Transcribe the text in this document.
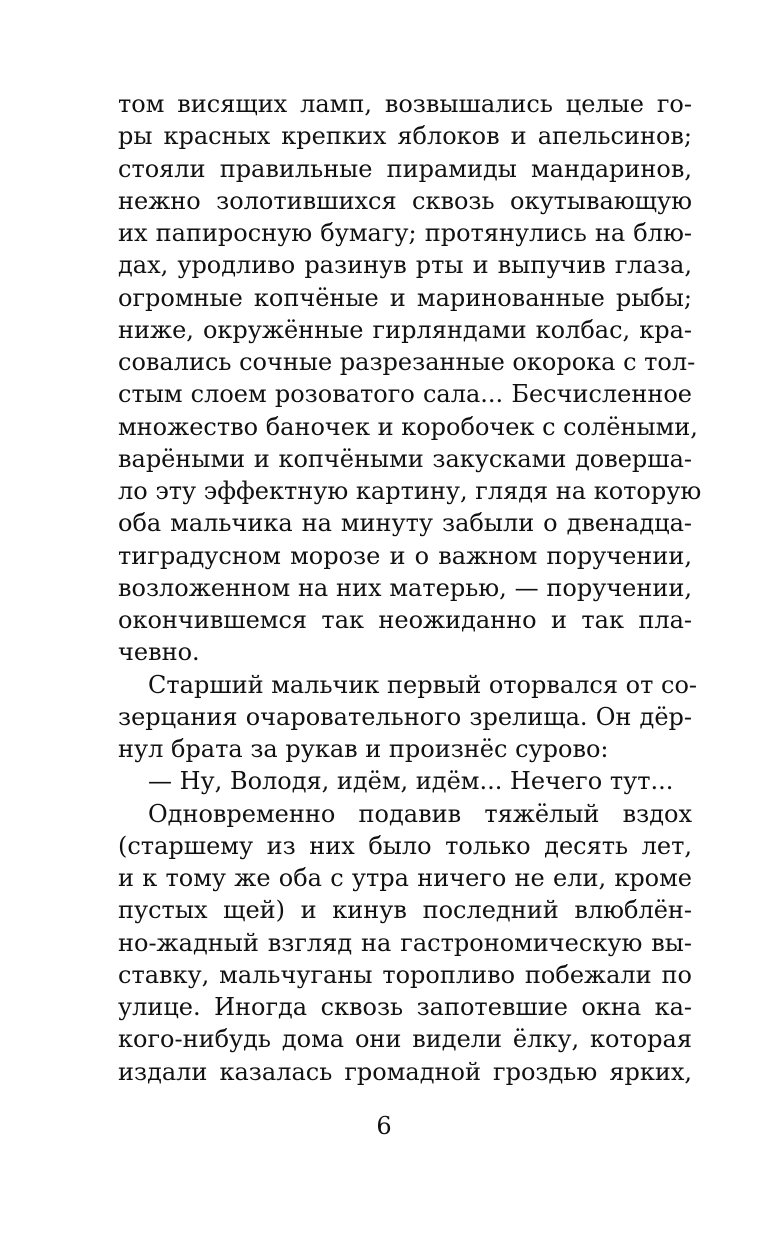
том висящих ламп, возвышались целые го-
ры красных крепких яблоков и апельсинов;
стояли правильные пирамиды мандаринов,
нежно золотившихся сквозь окутывающую
их папиросную бумагу; протянулись на блю-
дах, уродливо разинув рты и выпучив глаза,
огромные копчёные и маринованные рыбы;
ниже, окружённые гирляндами колбас, кра-
совались сочные разрезанные окорока с тол-
стым слоем розоватого сала... Бесчисленное
множество баночек и коробочек с солёными,
варёными и копчёными закусками доверша-
ло эту эффектную картину, глядя на которую
оба мальчика на минуту забыли о двенадца-
тиградусном морозе и о важном поручении,
возложенном на них матерью, — поручении,
окончившемся так неожиданно и так пла-
чевно.
Старший мальчик первый оторвался от со-
зерцания очаровательного зрелища. Он дёр-
нул брата за рукав и произнёс сурово:
— Ну, Володя, идём, идём... Нечего тут...
Одновременно подавив тяжёлый вздох
(старшему из них было только десять лет,
и к тому же оба с утра ничего не ели, кроме
пустых щей) и кинув последний влюблён-
но-жадный взгляд на гастрономическую вы-
ставку, мальчуганы торопливо побежали по
улице. Иногда сквозь запотевшие окна ка-
кого-нибудь дома они видели ёлку, которая
издали казалась громадной гроздью ярких,
6
